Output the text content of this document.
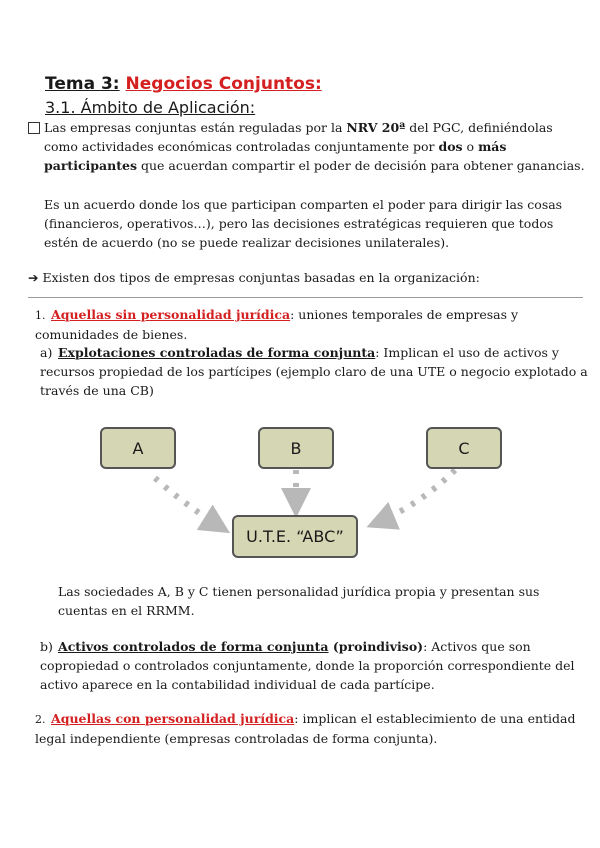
Tema 3: Negocios Conjuntos:
3.1. Ámbito de Aplicación:
Las empresas conjuntas están reguladas por la NRV 20ª del PGC, definiéndolas como actividades económicas controladas conjuntamente por dos o más participantes que acuerdan compartir el poder de decisión para obtener ganancias.
Es un acuerdo donde los que participan comparten el poder para dirigir las cosas (financieros, operativos…), pero las decisiones estratégicas requieren que todos estén de acuerdo (no se puede realizar decisiones unilaterales).
➔ Existen dos tipos de empresas conjuntas basadas en la organización:
1. Aquellas sin personalidad jurídica: uniones temporales de empresas y comunidades de bienes.
a) Explotaciones controladas de forma conjunta: Implican el uso de activos y recursos propiedad de los partícipes (ejemplo claro de una UTE o negocio explotado a través de una CB)
A	B	C
U.T.E. “ABC”
Las sociedades A, B y C tienen personalidad jurídica propia y presentan sus cuentas en el RRMM.
b) Activos controlados de forma conjunta (proindiviso): Activos que son copropiedad o controlados conjuntamente, donde la proporción correspondiente del activo aparece en la contabilidad individual de cada partícipe.
2. Aquellas con personalidad jurídica: implican el establecimiento de una entidad legal independiente (empresas controladas de forma conjunta).
